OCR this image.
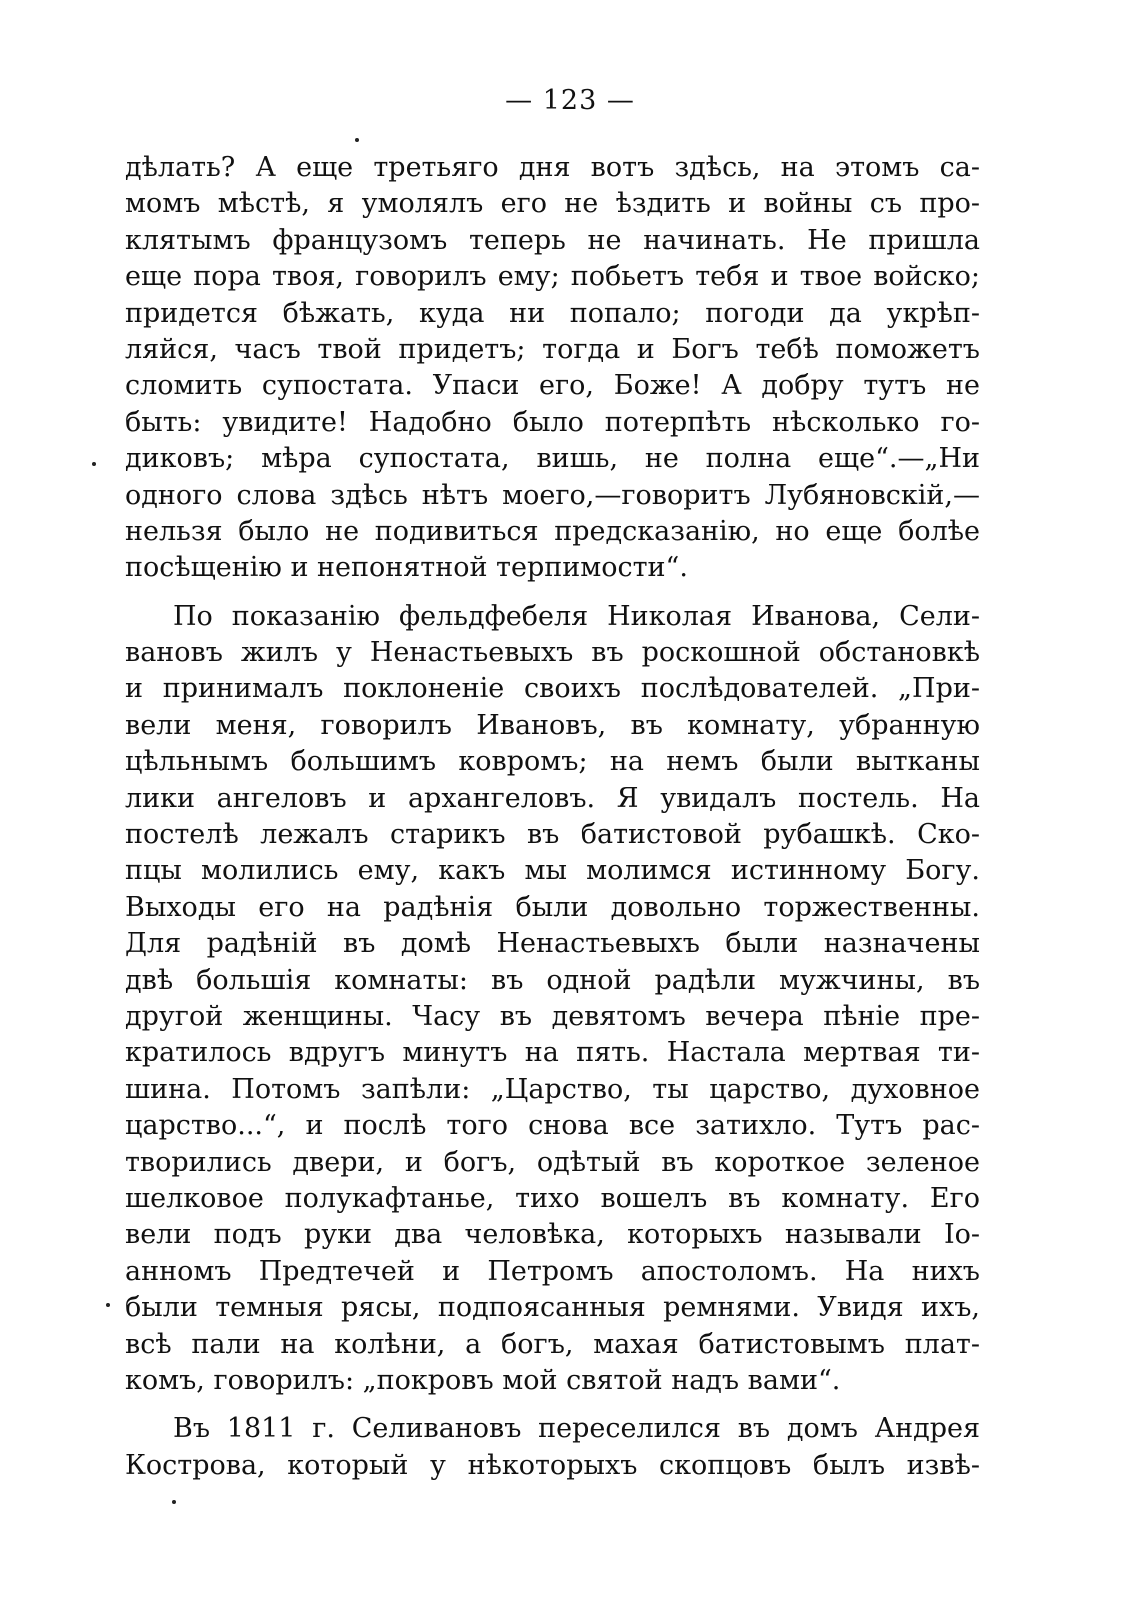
— 123 —
дѣлать? А еще третьяго дня вотъ здѣсь, на этомъ са-
момъ мѣстѣ, я умолялъ его не ѣздить и войны съ про-
клятымъ французомъ теперь не начинать. Не пришла
еще пора твоя, говорилъ ему; побьетъ тебя и твое войско;
придется бѣжать, куда ни попало; погоди да укрѣп-
ляйся, часъ твой придетъ; тогда и Богъ тебѣ поможетъ
сломить супостата. Упаси его, Боже! А добру тутъ не
быть: увидите! Надобно было потерпѣть нѣсколько го-
диковъ; мѣра супостата, вишь, не полна еще“.—„Ни
одного слова здѣсь нѣтъ моего,—говоритъ Лубяновскій,—
нельзя было не подивиться предсказанію, но еще болѣе
посѣщенію и непонятной терпимости“.
По показанію фельдфебеля Николая Иванова, Сели-
вановъ жилъ у Ненастьевыхъ въ роскошной обстановкѣ
и принималъ поклоненіе своихъ послѣдователей. „При-
вели меня, говорилъ Ивановъ, въ комнату, убранную
цѣльнымъ большимъ ковромъ; на немъ были вытканы
лики ангеловъ и архангеловъ. Я увидалъ постель. На
постелѣ лежалъ старикъ въ батистовой рубашкѣ. Ско-
пцы молились ему, какъ мы молимся истинному Богу.
Выходы его на радѣнія были довольно торжественны.
Для радѣній въ домѣ Ненастьевыхъ были назначены
двѣ большія комнаты: въ одной радѣли мужчины, въ
другой женщины. Часу въ девятомъ вечера пѣніе пре-
кратилось вдругъ минутъ на пять. Настала мертвая ти-
шина. Потомъ запѣли: „Царство, ты царство, духовное
царство...“, и послѣ того снова все затихло. Тутъ рас-
творились двери, и богъ, одѣтый въ короткое зеленое
шелковое полукафтанье, тихо вошелъ въ комнату. Его
вели подъ руки два человѣка, которыхъ называли Іо-
анномъ Предтечей и Петромъ апостоломъ. На нихъ
были темныя рясы, подпоясанныя ремнями. Увидя ихъ,
всѣ пали на колѣни, а богъ, махая батистовымъ плат-
комъ, говорилъ: „покровъ мой святой надъ вами“.
Въ 1811 г. Селивановъ переселился въ домъ Андрея
Кострова, который у нѣкоторыхъ скопцовъ былъ извѣ-
